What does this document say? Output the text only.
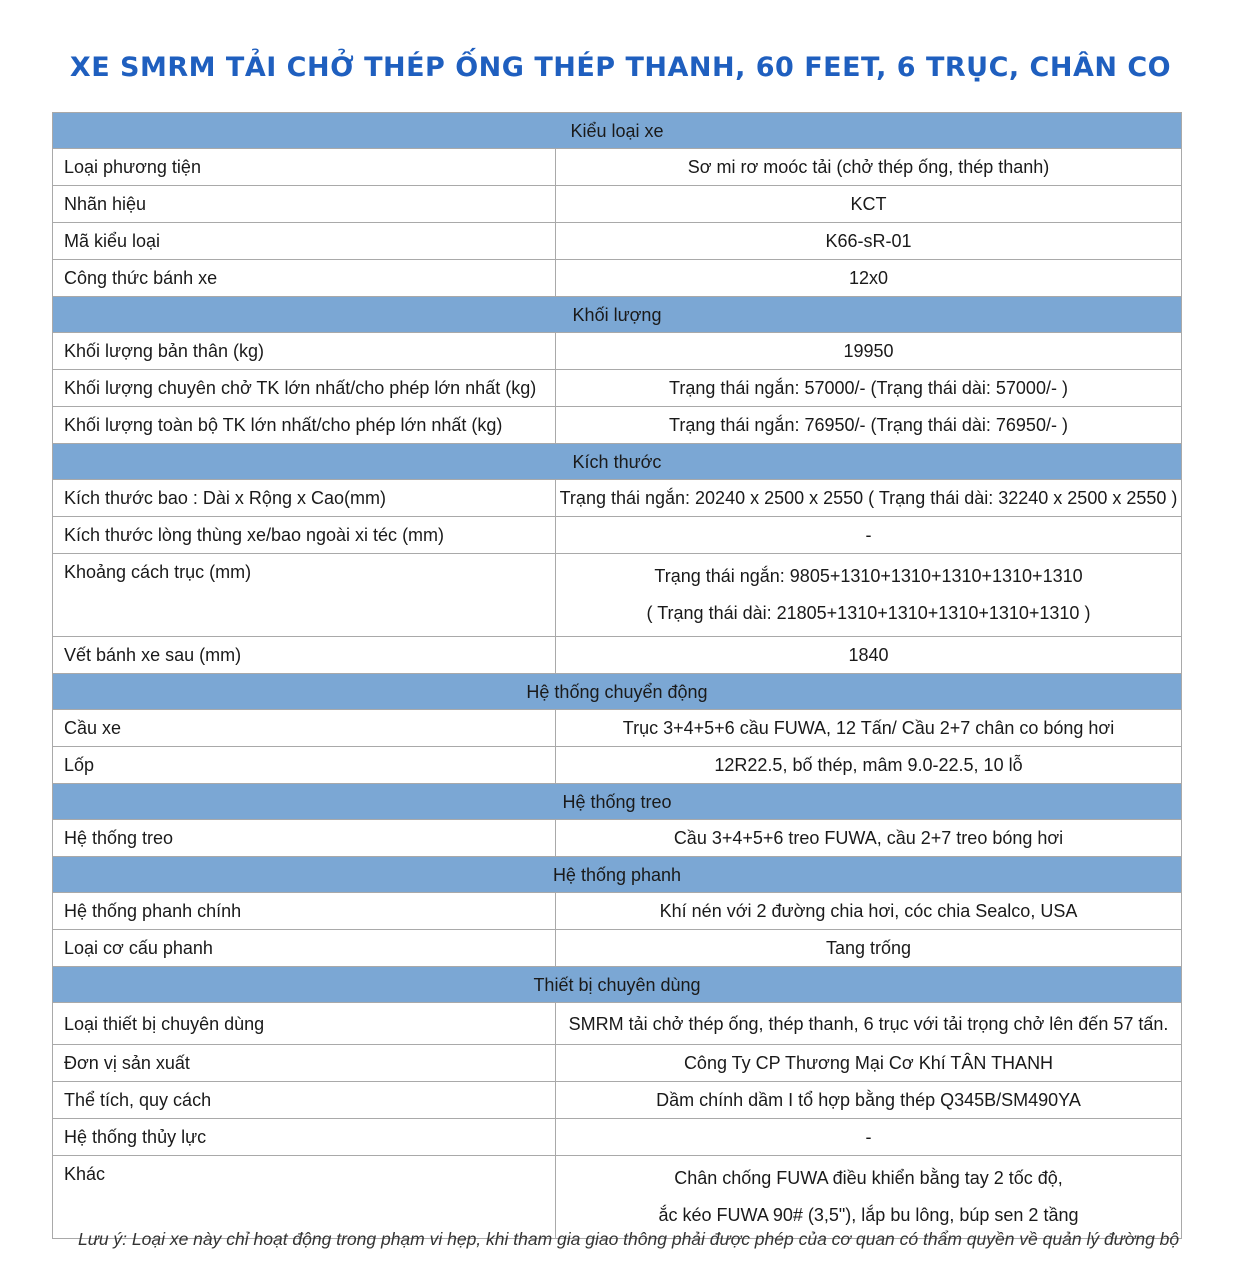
XE SMRM TẢI CHỞ THÉP ỐNG THÉP THANH, 60 FEET, 6 TRỤC, CHÂN CO
Kiểu loại xe	
Loại phương tiện	Sơ mi rơ moóc tải (chở thép ống, thép thanh)
Nhãn hiệu	KCT
Mã kiểu loại	K66-sR-01
Công thức bánh xe	12x0
Khối lượng	
Khối lượng bản thân (kg)	19950
Khối lượng chuyên chở TK lớn nhất/cho phép lớn nhất (kg)	Trạng thái ngắn: 57000/- (Trạng thái dài: 57000/- )
Khối lượng toàn bộ TK lớn nhất/cho phép lớn nhất (kg)	Trạng thái ngắn: 76950/- (Trạng thái dài: 76950/- )
Kích thước	
Kích thước bao : Dài x Rộng x Cao(mm)	Trạng thái ngắn: 20240 x 2500 x 2550 ( Trạng thái dài: 32240 x 2500 x 2550 )
Kích thước lòng thùng xe/bao ngoài xi téc (mm)	-
Khoảng cách trục (mm)	Trạng thái ngắn: 9805+1310+1310+1310+1310+1310
( Trạng thái dài: 21805+1310+1310+1310+1310+1310 )

Vết bánh xe sau (mm)	1840
Hệ thống chuyển động	
Cầu xe	Trục 3+4+5+6 cầu FUWA, 12 Tấn/ Cầu 2+7 chân co bóng hơi
Lốp	12R22.5, bố thép, mâm 9.0-22.5, 10 lỗ
Hệ thống treo	
Hệ thống treo	Cầu 3+4+5+6 treo FUWA, cầu 2+7 treo bóng hơi
Hệ thống phanh	
Hệ thống phanh chính	Khí nén với 2 đường chia hơi, cóc chia Sealco, USA
Loại cơ cấu phanh	Tang trống
Thiết bị chuyên dùng	
Loại thiết bị chuyên dùng	SMRM tải chở thép ống, thép thanh, 6 trục với tải trọng chở lên đến 57 tấn.
Đơn vị sản xuất	Công Ty CP Thương Mại Cơ Khí TÂN THANH
Thể tích, quy cách	Dầm chính dầm I tổ hợp bằng thép Q345B/SM490YA
Hệ thống thủy lực	-
Khác	Chân chống FUWA điều khiển bằng tay 2 tốc độ,
ắc kéo FUWA 90# (3,5"), lắp bu lông, búp sen 2 tầng
Lưu ý: Loại xe này chỉ hoạt động trong phạm vi hẹp, khi tham gia giao thông phải được phép của cơ quan có thẩm quyền về quản lý đường bộ
